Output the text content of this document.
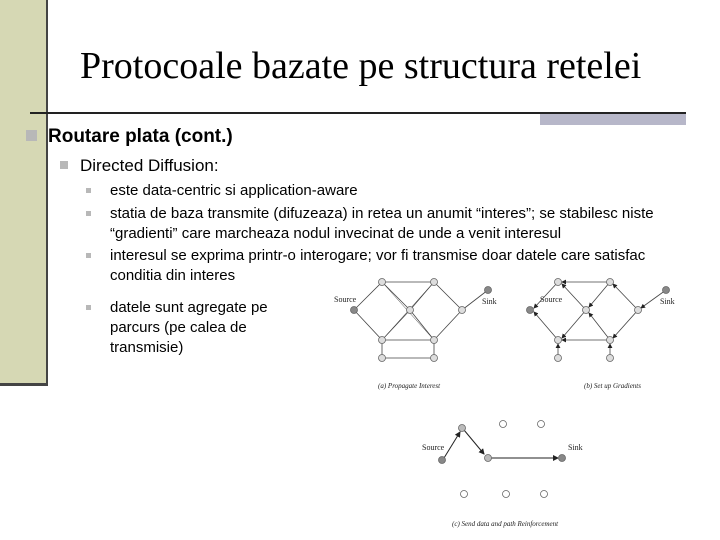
Protocoale bazate pe structura retelei
Routare plata (cont.)
Directed Diffusion:
este data-centric si application-aware
statia de baza transmite (difuzeaza) in retea un anumit “interes”; se stabilesc niste “gradienti” care marcheaza nodul invecinat de unde a venit interesul
interesul se exprima printr-o interogare; vor fi transmise doar datele care satisfac conditia din interes
datele sunt agregate pe parcurs (pe calea de transmisie)
Source	Sink
(a) Propagate Interest
Source	Sink
(b) Set up Gradients
Source	Sink
(c) Send data and path Reinforcement
